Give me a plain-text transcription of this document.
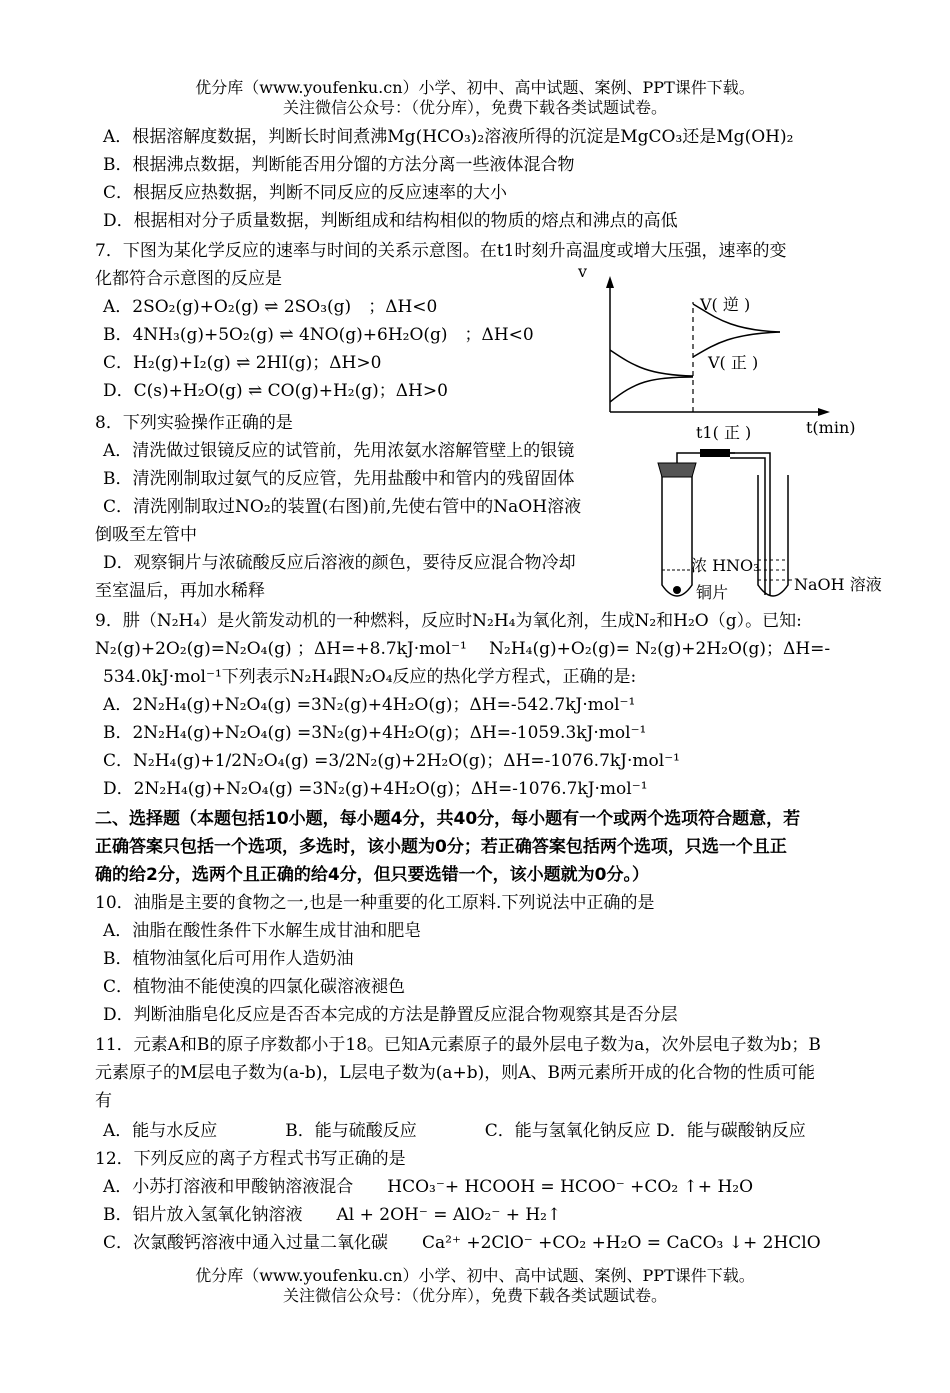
优分库（www.youfenku.cn）小学、初中、高中试题、案例、PPT课件下载。
关注微信公众号：（优分库），免费下载各类试题试卷。
A．根据溶解度数据，判断长时间煮沸Mg(HCO₃)₂溶液所得的沉淀是MgCO₃还是Mg(OH)₂
B．根据沸点数据，判断能否用分馏的方法分离一些液体混合物
C．根据反应热数据，判断不同反应的反应速率的大小
D．根据相对分子质量数据，判断组成和结构相似的物质的熔点和沸点的高低
7．下图为某化学反应的速率与时间的关系示意图。在t1时刻升高温度或增大压强，速率的变
化都符合示意图的反应是
A．2SO₂(g)+O₂(g) ⇌ 2SO₃(g)　；ΔH<0
B．4NH₃(g)+5O₂(g) ⇌ 4NO(g)+6H₂O(g)　；ΔH<0
C．H₂(g)+I₂(g) ⇌ 2HI(g)；ΔH>0
D．C(s)+H₂O(g) ⇌ CO(g)+H₂(g)；ΔH>0
v
t(min)
t1( 正 )
V( 逆 )
V( 正 )
8．下列实验操作正确的是
A．清洗做过银镜反应的试管前，先用浓氨水溶解管壁上的银镜
B．清洗刚制取过氨气的反应管，先用盐酸中和管内的残留固体
C．清洗刚制取过NO₂的装置(右图)前,先使右管中的NaOH溶液
倒吸至左管中
D．观察铜片与浓硫酸反应后溶液的颜色，要待反应混合物冷却
至室温后，再加水稀释
浓 HNO₃
铜片	NaOH 溶液
9．肼（N₂H₄）是火箭发动机的一种燃料，反应时N₂H₄为氧化剂，生成N₂和H₂O（g）。已知:
N₂(g)+2O₂(g)=N₂O₄(g) ；ΔH=+8.7kJ·mol⁻¹　 N₂H₄(g)+O₂(g)= N₂(g)+2H₂O(g)；ΔH=-
534.0kJ·mol⁻¹下列表示N₂H₄跟N₂O₄反应的热化学方程式，正确的是:
A．2N₂H₄(g)+N₂O₄(g) =3N₂(g)+4H₂O(g)；ΔH=-542.7kJ·mol⁻¹
B．2N₂H₄(g)+N₂O₄(g) =3N₂(g)+4H₂O(g)；ΔH=-1059.3kJ·mol⁻¹
C．N₂H₄(g)+1/2N₂O₄(g) =3/2N₂(g)+2H₂O(g)；ΔH=-1076.7kJ·mol⁻¹
D．2N₂H₄(g)+N₂O₄(g) =3N₂(g)+4H₂O(g)；ΔH=-1076.7kJ·mol⁻¹
二、选择题（本题包括10小题，每小题4分，共40分，每小题有一个或两个选项符合题意，若
正确答案只包括一个选项，多选时，该小题为0分；若正确答案包括两个选项，只选一个且正
确的给2分，选两个且正确的给4分，但只要选错一个，该小题就为0分。）
10．油脂是主要的食物之一,也是一种重要的化工原料.下列说法中正确的是
A．油脂在酸性条件下水解生成甘油和肥皂
B．植物油氢化后可用作人造奶油
C．植物油不能使溴的四氯化碳溶液褪色
D．判断油脂皂化反应是否否本完成的方法是静置反应混合物观察其是否分层
11．元素A和B的原子序数都小于18。已知A元素原子的最外层电子数为a，次外层电子数为b；B
元素原子的M层电子数为(a-b)，L层电子数为(a+b)，则A、B两元素所开成的化合物的性质可能
有
A．能与水反应　　　　B．能与硫酸反应　　　　C．能与氢氧化钠反应 D．能与碳酸钠反应
12．下列反应的离子方程式书写正确的是
A．小苏打溶液和甲酸钠溶液混合　　HCO₃⁻+ HCOOH = HCOO⁻ +CO₂ ↑+ H₂O
B．铝片放入氢氧化钠溶液　　Al + 2OH⁻ = AlO₂⁻ + H₂↑
C．次氯酸钙溶液中通入过量二氧化碳　　Ca²⁺ +2ClO⁻ +CO₂ +H₂O = CaCO₃ ↓+ 2HClO
优分库（www.youfenku.cn）小学、初中、高中试题、案例、PPT课件下载。
关注微信公众号：（优分库），免费下载各类试题试卷。
